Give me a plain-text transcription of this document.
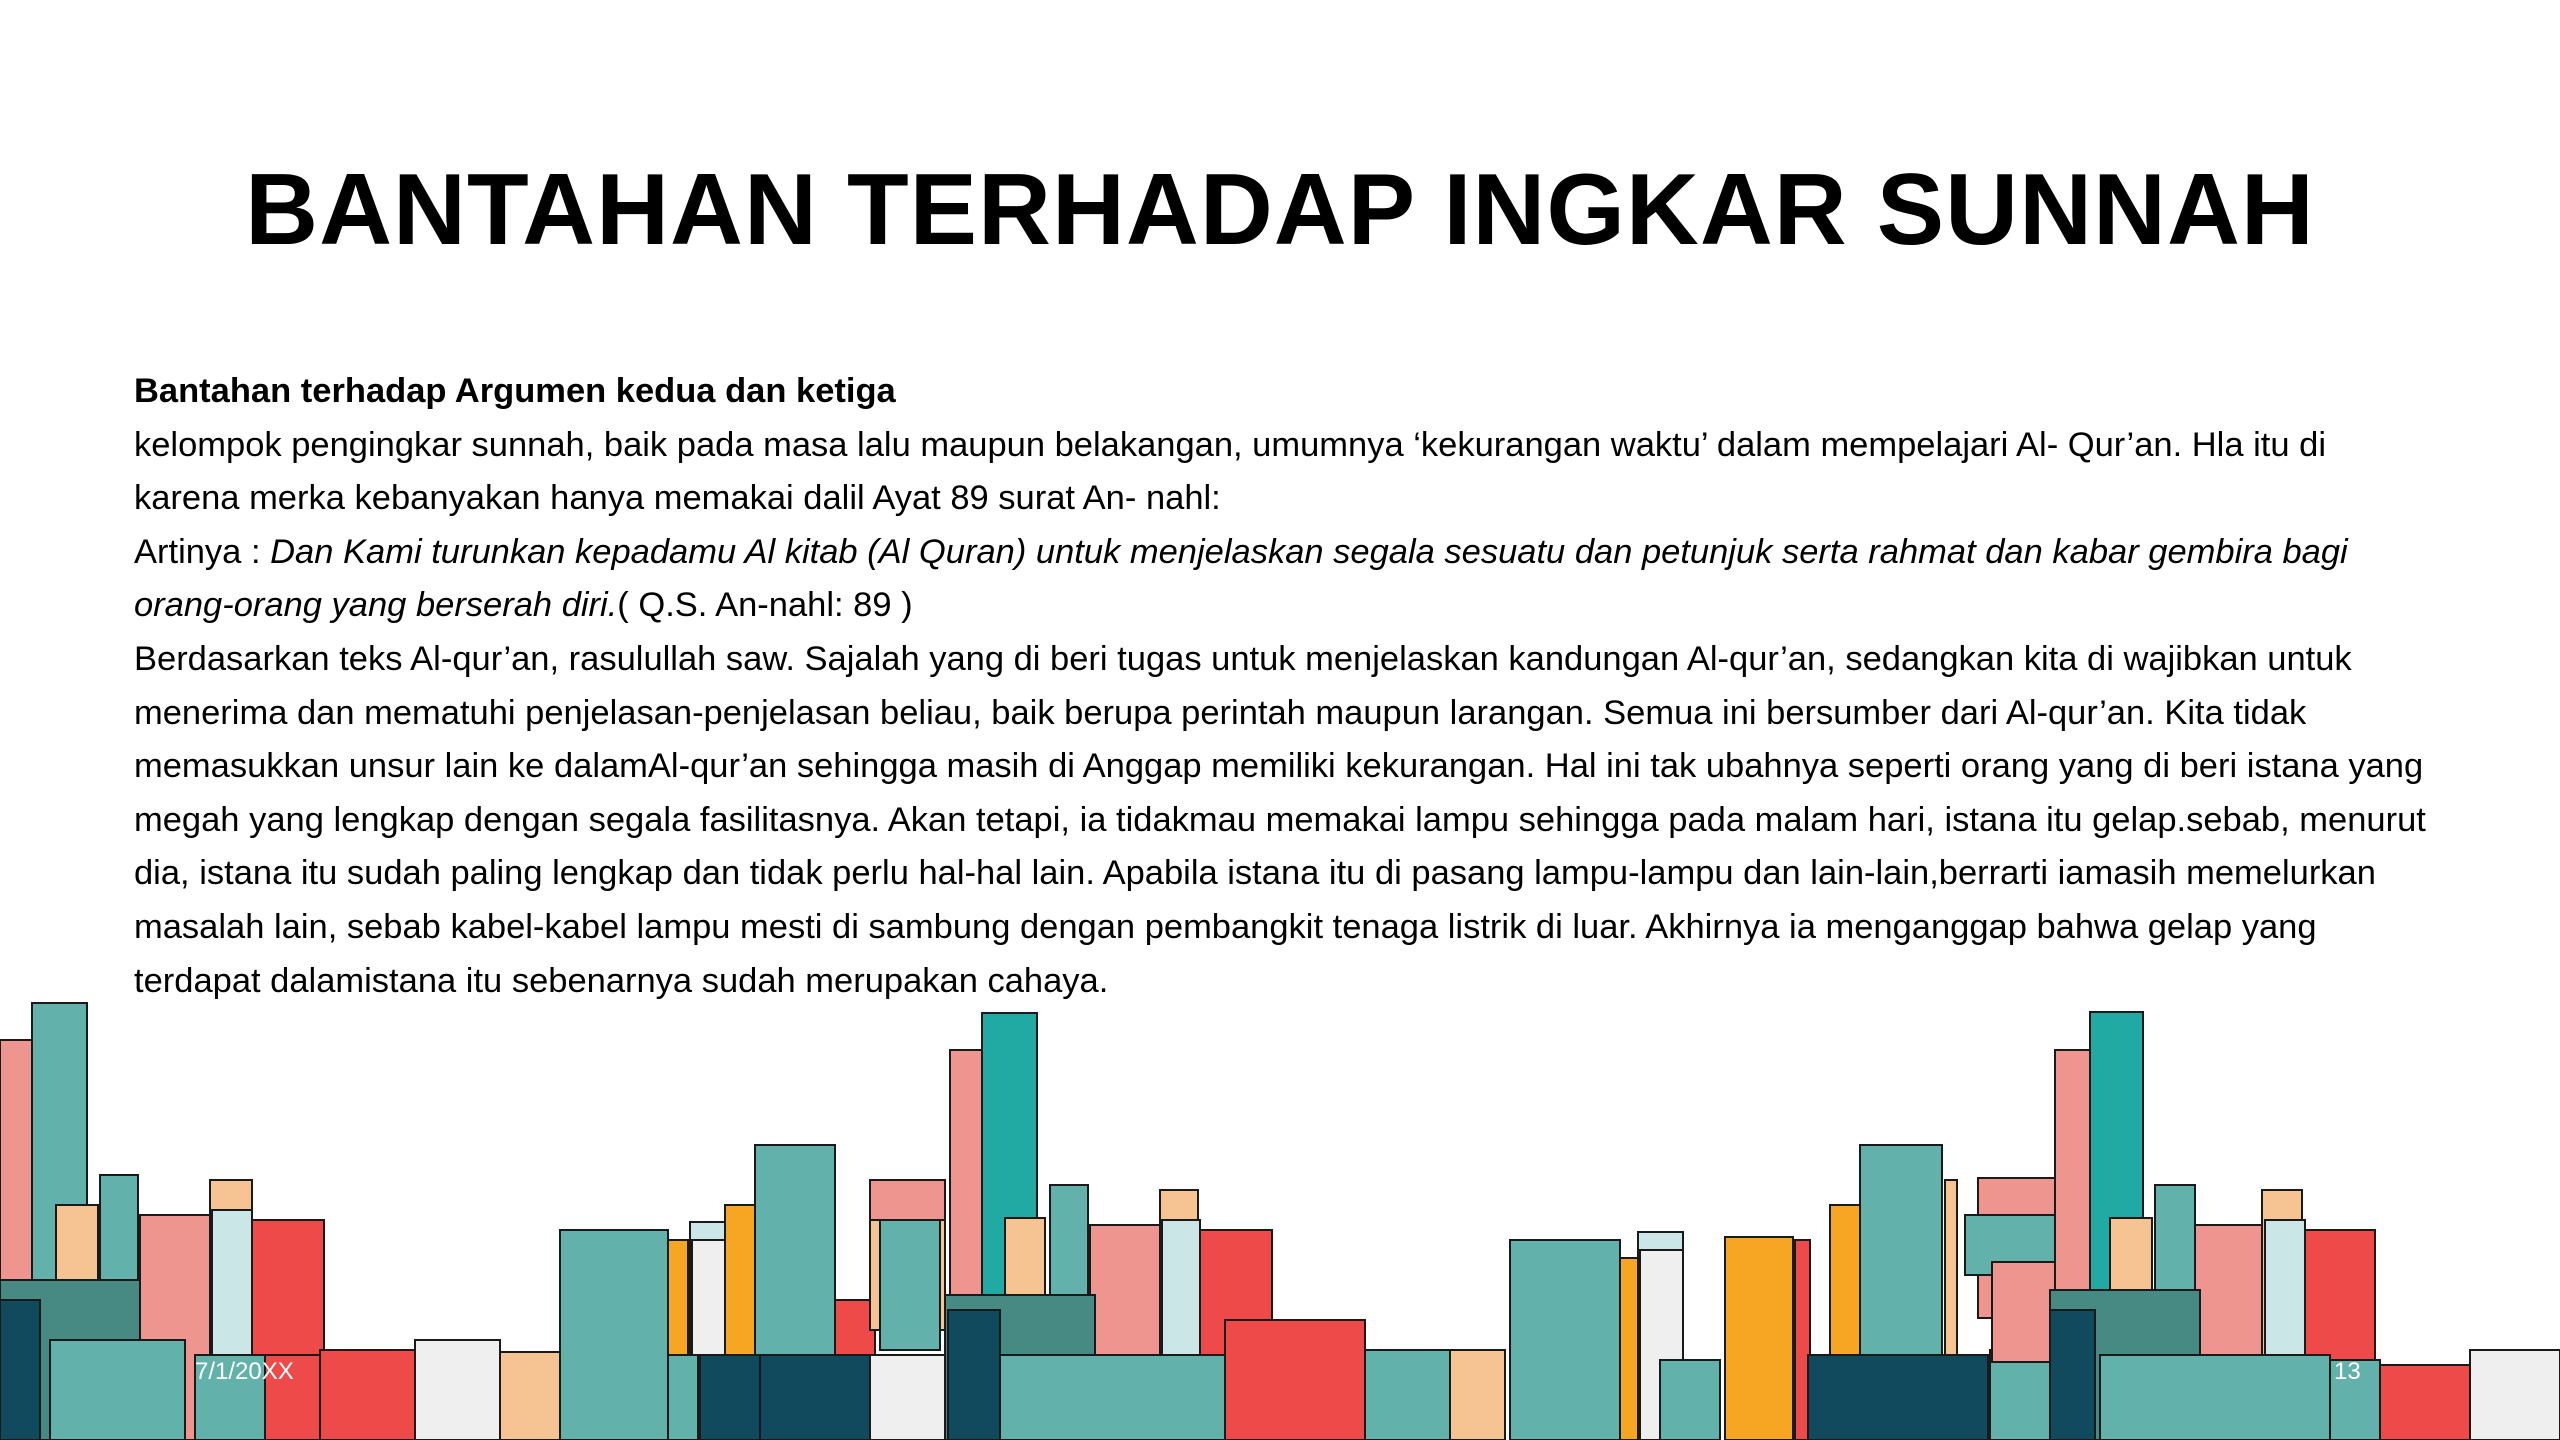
BANTAHAN TERHADAP INGKAR SUNNAH

Bantahan terhadap Argumen kedua dan ketiga

kelompok pengingkar sunnah, baik pada masa lalu maupun belakangan, umumnya ‘kekurangan waktu’ dalam mempelajari Al- Qur’an. Hla itu di karena merka kebanyakan hanya memakai dalil Ayat 89 surat An- nahl:

Artinya : Dan Kami turunkan kepadamu Al kitab (Al Quran) untuk menjelaskan segala sesuatu dan petunjuk serta rahmat dan kabar gembira bagi orang-orang yang berserah diri.( Q.S. An-nahl: 89 )

Berdasarkan teks Al-qur’an, rasulullah saw. Sajalah yang di beri tugas untuk menjelaskan kandungan Al-qur’an, sedangkan kita di wajibkan untuk menerima dan mematuhi penjelasan-penjelasan beliau, baik berupa perintah maupun larangan. Semua ini bersumber dari Al-qur’an. Kita tidak memasukkan unsur lain ke dalamAl-qur’an sehingga masih di Anggap memiliki kekurangan. Hal ini tak ubahnya seperti orang yang di beri istana yang megah yang lengkap dengan segala fasilitasnya. Akan tetapi, ia tidakmau memakai lampu sehingga pada malam hari, istana itu gelap.sebab, menurut dia, istana itu sudah paling lengkap dan tidak perlu hal-hal lain. Apabila istana itu di pasang lampu-lampu dan lain-lain,berrarti iamasih memelurkan masalah lain, sebab kabel-kabel lampu mesti di sambung dengan pembangkit tenaga listrik di luar. Akhirnya ia menganggap bahwa gelap yang terdapat dalamistana itu sebenarnya sudah merupakan cahaya.

7/1/20XX	13
